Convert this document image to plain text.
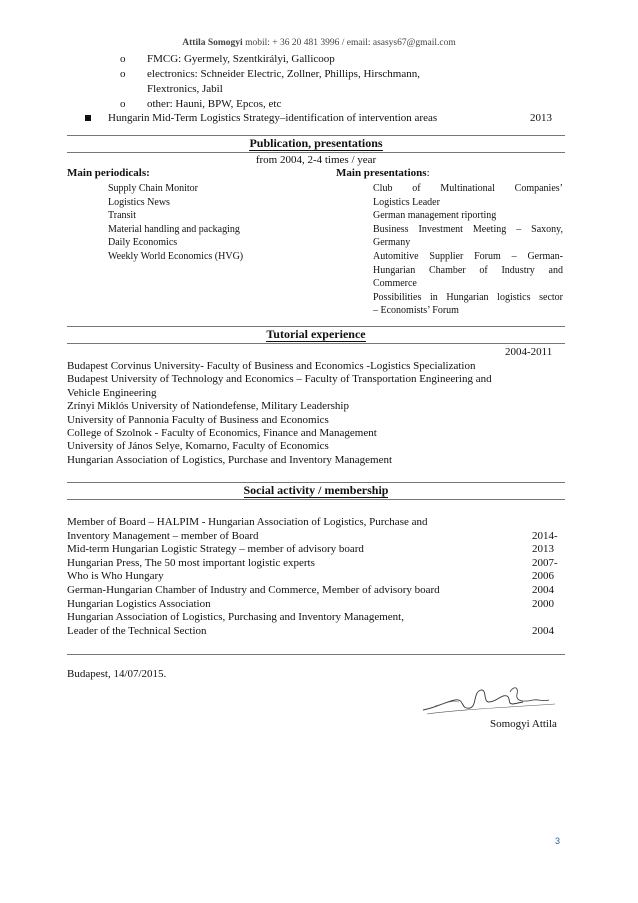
Attila Somogyi mobil: + 36 20 481 3996 / email: asasys67@gmail.com
o	FMCG: Gyermely, Szentkirályi, Gallicoop
o	electronics: Schneider Electric, Zollner, Phillips, Hirschmann,
Flextronics, Jabil
o	other: Hauni, BPW, Epcos, etc
Hungarin Mid-Term Logistics Strategy–identification of intervention areas	2013
Publication, presentations
from 2004, 2-4 times / year
Main periodicals:	Main presentations:
Supply Chain Monitor
Logistics News
Transit
Material handling and packaging
Daily Economics
Weekly World Economics (HVG)
Club of Multinational Companies’
Logistics Leader
German management riporting
Business Investment Meeting – Saxony,
Germany
Automitive Supplier Forum – German-
Hungarian Chamber of Industry and
Commerce
Possibilities in Hungarian logistics sector
– Economists’ Forum
Tutorial experience
2004-2011
Budapest Corvinus University- Faculty of Business and Economics -Logistics Specialization
Budapest University of Technology and Economics – Faculty of Transportation Engineering and
Vehicle Engineering
Zrínyi Miklós University of Nationdefense, Military Leadership
University of Pannonia Faculty of Business and Economics
College of Szolnok - Faculty of Economics, Finance and Management
University of János Selye, Komarno, Faculty of Economics
Hungarian Association of Logistics, Purchase and Inventory Management
Social activity / membership
Member of Board – HALPIM - Hungarian Association of Logistics, Purchase and
Inventory Management – member of Board	2014-
Mid-term Hungarian Logistic Strategy – member of advisory board	2013
Hungarian Press, The 50 most important logistic experts	2007-
Who is Who Hungary	2006
German-Hungarian Chamber of Industry and Commerce, Member of advisory board	2004
Hungarian Logistics Association	2000
Hungarian Association of Logistics, Purchasing and Inventory Management,
Leader of the Technical Section	2004
Budapest, 14/07/2015.
Somogyi Attila
3
